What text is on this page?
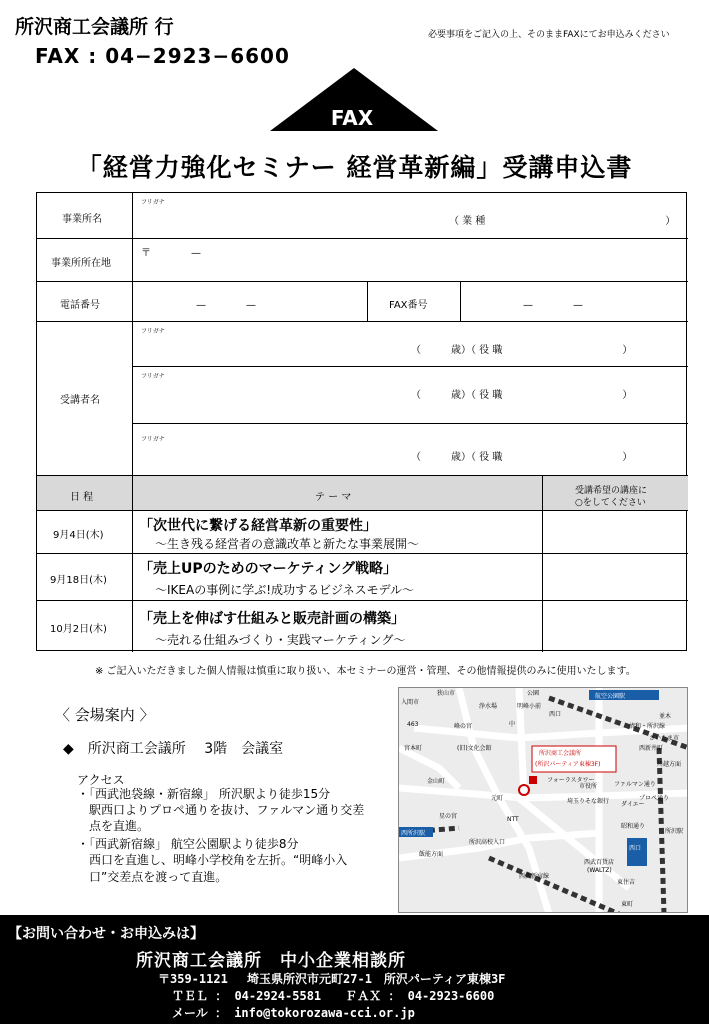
所沢商工会議所 行
FAX : 04−2923−6600
必要事項をご記入の上、そのままFAXにてお申込みください
FAX
「経営力強化セミナー 経営革新編」受講申込書
事業所名
フリガナ
（ 業 種　　　　　　　　　　　　　　　　　　）
事業所所在地
〒　　　　—
電話番号	—　　　　—	FAX番号	—　　　　—
受講者名
フリガナ
（　　　歳）（ 役 職　　　　　　　　　　　　）
フリガナ
（　　　歳）（ 役 職　　　　　　　　　　　　）
フリガナ
（　　　歳）（ 役 職　　　　　　　　　　　　）
日 程	テ ー マ
受講希望の講座に
○をしてください
9月4日(木)
「次世代に繋げる経営革新の重要性」
〜生き残る経営者の意識改革と新たな事業展開〜
9月18日(木)
「売上UPのためのマーケティング戦略」
〜IKEAの事例に学ぶ!成功するビジネスモデル〜
10月2日(木)
「売上を伸ばす仕組みと販売計画の構築」
〜売れる仕組みづくり・実践マーケティング〜
※ ご記入いただきました個人情報は慎重に取り扱い、本セミナーの運営・管理、その他情報提供のみに使用いたします。
〈 会場案内 〉
◆　所沢商工会議所　 3階　会議室
アクセス
・「西武池袋線・新宿線」 所沢駅より徒歩15分
　駅西口よりプロペ通りを抜け、ファルマン通り交差
　点を直進。
・「西武新宿線」 航空公園駅より徒歩8分
　西口を直進し、明峰小学校角を左折。“明峰小入
　口”交差点を渡って直進。
狭山市	公園	航空公園駅
入間市
浄水場	明峰小前
西口	並木
463	峰の宮	中	清和・所沢線
さいたま市
宮本町	(旧)文化会館
所沢商工会議所
(所沢パーティア東棟3F)
西新井町
金山町	フォーラスタワー
市役所
川越方面
ファルマン通り
元町
ダイエー
プロペ通り
西所沢駅
埼玉りそな銀行
星の宮	NTT
昭和通り
所沢駅
飯能方面
所沢高校入口
西口
西武新宿線
西武百貨店
(WALTZ)
東住吉
東町
【お問い合わせ・お申込みは】
所沢商工会議所　中小企業相談所
〒359-1121　 埼玉県所沢市元町27-1　所沢パーティア東棟3F
ＴＥＬ ： 04-2924-5581　　ＦＡＸ ： 04-2923-6600
メール ： info@tokorozawa-cci.or.jp
